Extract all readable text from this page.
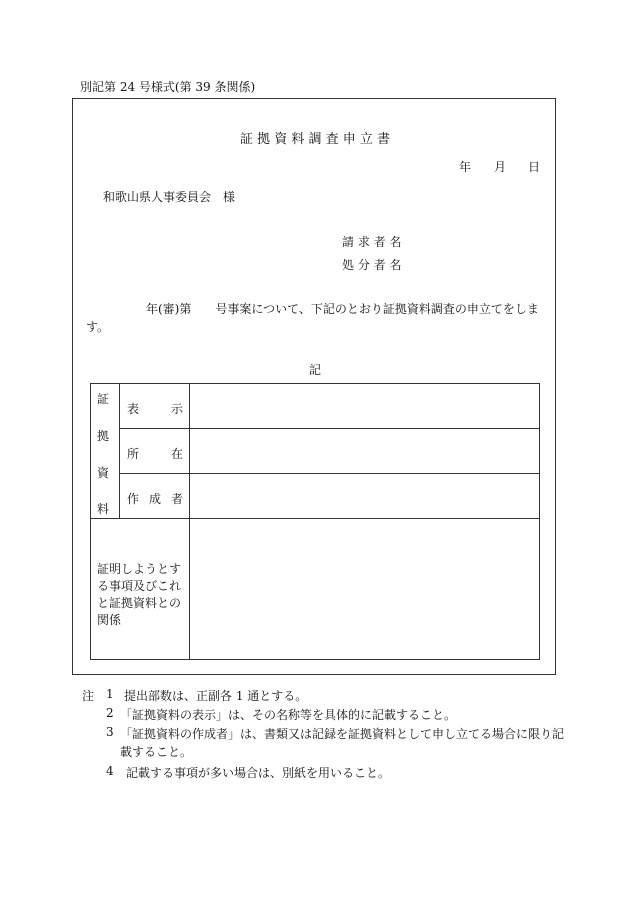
別記第 24 号様式(第 39 条関係)
証 拠 資 料 調 査 申 立 書
年 月 日
和歌山県人事委員会　様
請 求 者 名
処 分 者 名
年(審)第　　号事案について、下記のとおり証拠資料調査の申立てをしま
す。
記
証
拠
資
料
表	示
所	在
作 成 者
証明しようとす
る事項及びこれ
と証拠資料との
関係
注 1 提出部数は、正副各 1 通とする。
2 「証拠資料の表示」は、その名称等を具体的に記載すること。
3 「証拠資料の作成者」は、書類又は記録を証拠資料として申し立てる場合に限り記
載すること。
4 記載する事項が多い場合は、別紙を用いること。
